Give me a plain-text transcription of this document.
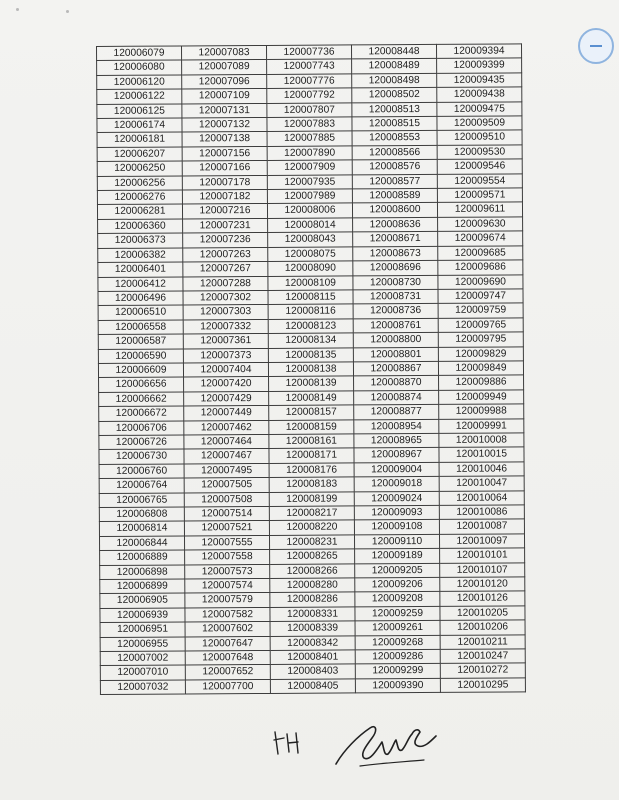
120006079	120007083	120007736	120008448	120009394
120006080	120007089	120007743	120008489	120009399
120006120	120007096	120007776	120008498	120009435
120006122	120007109	120007792	120008502	120009438
120006125	120007131	120007807	120008513	120009475
120006174	120007132	120007883	120008515	120009509
120006181	120007138	120007885	120008553	120009510
120006207	120007156	120007890	120008566	120009530
120006250	120007166	120007909	120008576	120009546
120006256	120007178	120007935	120008577	120009554
120006276	120007182	120007989	120008589	120009571
120006281	120007216	120008006	120008600	120009611
120006360	120007231	120008014	120008636	120009630
120006373	120007236	120008043	120008671	120009674
120006382	120007263	120008075	120008673	120009685
120006401	120007267	120008090	120008696	120009686
120006412	120007288	120008109	120008730	120009690
120006496	120007302	120008115	120008731	120009747
120006510	120007303	120008116	120008736	120009759
120006558	120007332	120008123	120008761	120009765
120006587	120007361	120008134	120008800	120009795
120006590	120007373	120008135	120008801	120009829
120006609	120007404	120008138	120008867	120009849
120006656	120007420	120008139	120008870	120009886
120006662	120007429	120008149	120008874	120009949
120006672	120007449	120008157	120008877	120009988
120006706	120007462	120008159	120008954	120009991
120006726	120007464	120008161	120008965	120010008
120006730	120007467	120008171	120008967	120010015
120006760	120007495	120008176	120009004	120010046
120006764	120007505	120008183	120009018	120010047
120006765	120007508	120008199	120009024	120010064
120006808	120007514	120008217	120009093	120010086
120006814	120007521	120008220	120009108	120010087
120006844	120007555	120008231	120009110	120010097
120006889	120007558	120008265	120009189	120010101
120006898	120007573	120008266	120009205	120010107
120006899	120007574	120008280	120009206	120010120
120006905	120007579	120008286	120009208	120010126
120006939	120007582	120008331	120009259	120010205
120006951	120007602	120008339	120009261	120010206
120006955	120007647	120008342	120009268	120010211
120007002	120007648	120008401	120009286	120010247
120007010	120007652	120008403	120009299	120010272
120007032	120007700	120008405	120009390	120010295
